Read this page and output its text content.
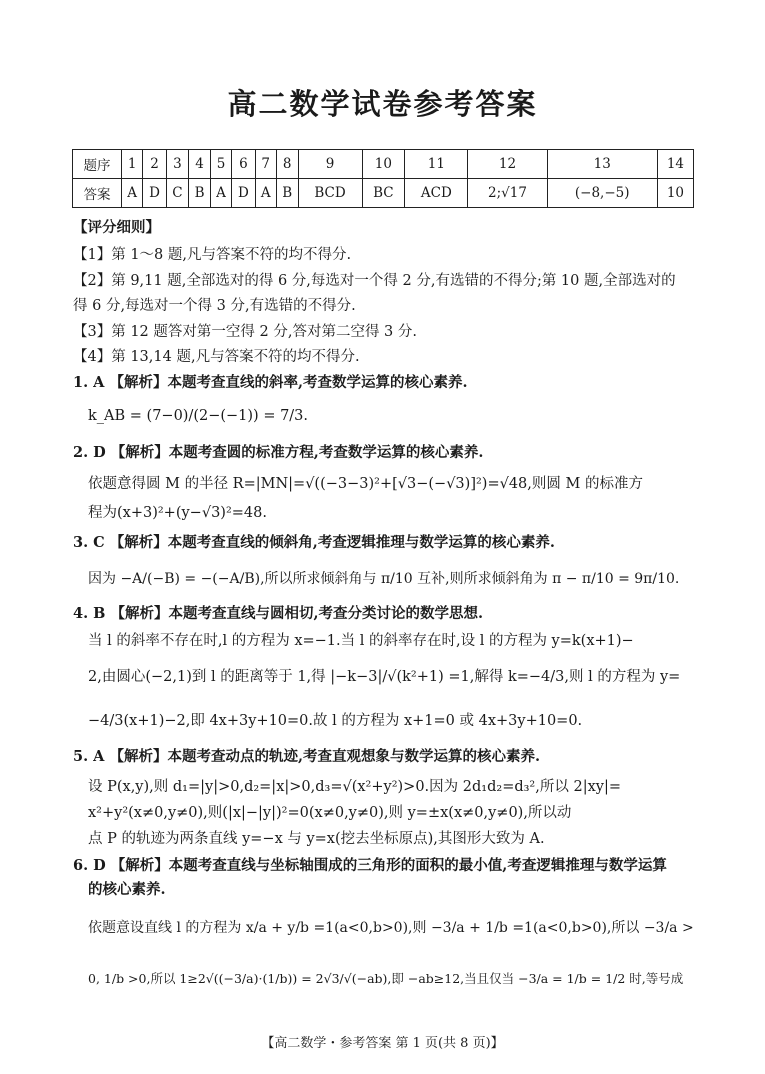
高二数学试卷参考答案
题序	1	2	3	4	5	6	7	8	9	10	11	12	13	14
答案	A	D	C	B	A	D	A	B	BCD	BC	ACD	2;√17	(−8,−5)	10
【评分细则】
【1】第 1～8 题,凡与答案不符的均不得分.
【2】第 9,11 题,全部选对的得 6 分,每选对一个得 2 分,有选错的不得分;第 10 题,全部选对的
得 6 分,每选对一个得 3 分,有选错的不得分.
【3】第 12 题答对第一空得 2 分,答对第二空得 3 分.
【4】第 13,14 题,凡与答案不符的均不得分.
1. A 【解析】本题考查直线的斜率,考查数学运算的核心素养.
k_AB = (7−0)/(2−(−1)) = 7/3.
2. D 【解析】本题考查圆的标准方程,考查数学运算的核心素养.
依题意得圆 M 的半径 R=|MN|=√((−3−3)²+[√3−(−√3)]²)=√48,则圆 M 的标准方
程为(x+3)²+(y−√3)²=48.
3. C 【解析】本题考查直线的倾斜角,考查逻辑推理与数学运算的核心素养.
因为 −A/(−B) = −(−A/B),所以所求倾斜角与 π/10 互补,则所求倾斜角为 π − π/10 = 9π/10.
4. B 【解析】本题考查直线与圆相切,考查分类讨论的数学思想.
当 l 的斜率不存在时,l 的方程为 x=−1.当 l 的斜率存在时,设 l 的方程为 y=k(x+1)−
2,由圆心(−2,1)到 l 的距离等于 1,得 |−k−3|/√(k²+1) =1,解得 k=−4/3,则 l 的方程为 y=
−4/3(x+1)−2,即 4x+3y+10=0.故 l 的方程为 x+1=0 或 4x+3y+10=0.
5. A 【解析】本题考查动点的轨迹,考查直观想象与数学运算的核心素养.
设 P(x,y),则 d₁=|y|>0,d₂=|x|>0,d₃=√(x²+y²)>0.因为 2d₁d₂=d₃²,所以 2|xy|=
x²+y²(x≠0,y≠0),则(|x|−|y|)²=0(x≠0,y≠0),则 y=±x(x≠0,y≠0),所以动
点 P 的轨迹为两条直线 y=−x 与 y=x(挖去坐标原点),其图形大致为 A.
6. D 【解析】本题考查直线与坐标轴围成的三角形的面积的最小值,考查逻辑推理与数学运算
的核心素养.
依题意设直线 l 的方程为 x/a + y/b =1(a<0,b>0),则 −3/a + 1/b =1(a<0,b>0),所以 −3/a >
0, 1/b >0,所以 1≥2√((−3/a)·(1/b)) = 2√3/√(−ab),即 −ab≥12,当且仅当 −3/a = 1/b = 1/2 时,等号成
【高二数学・参考答案 第 1 页(共 8 页)】
